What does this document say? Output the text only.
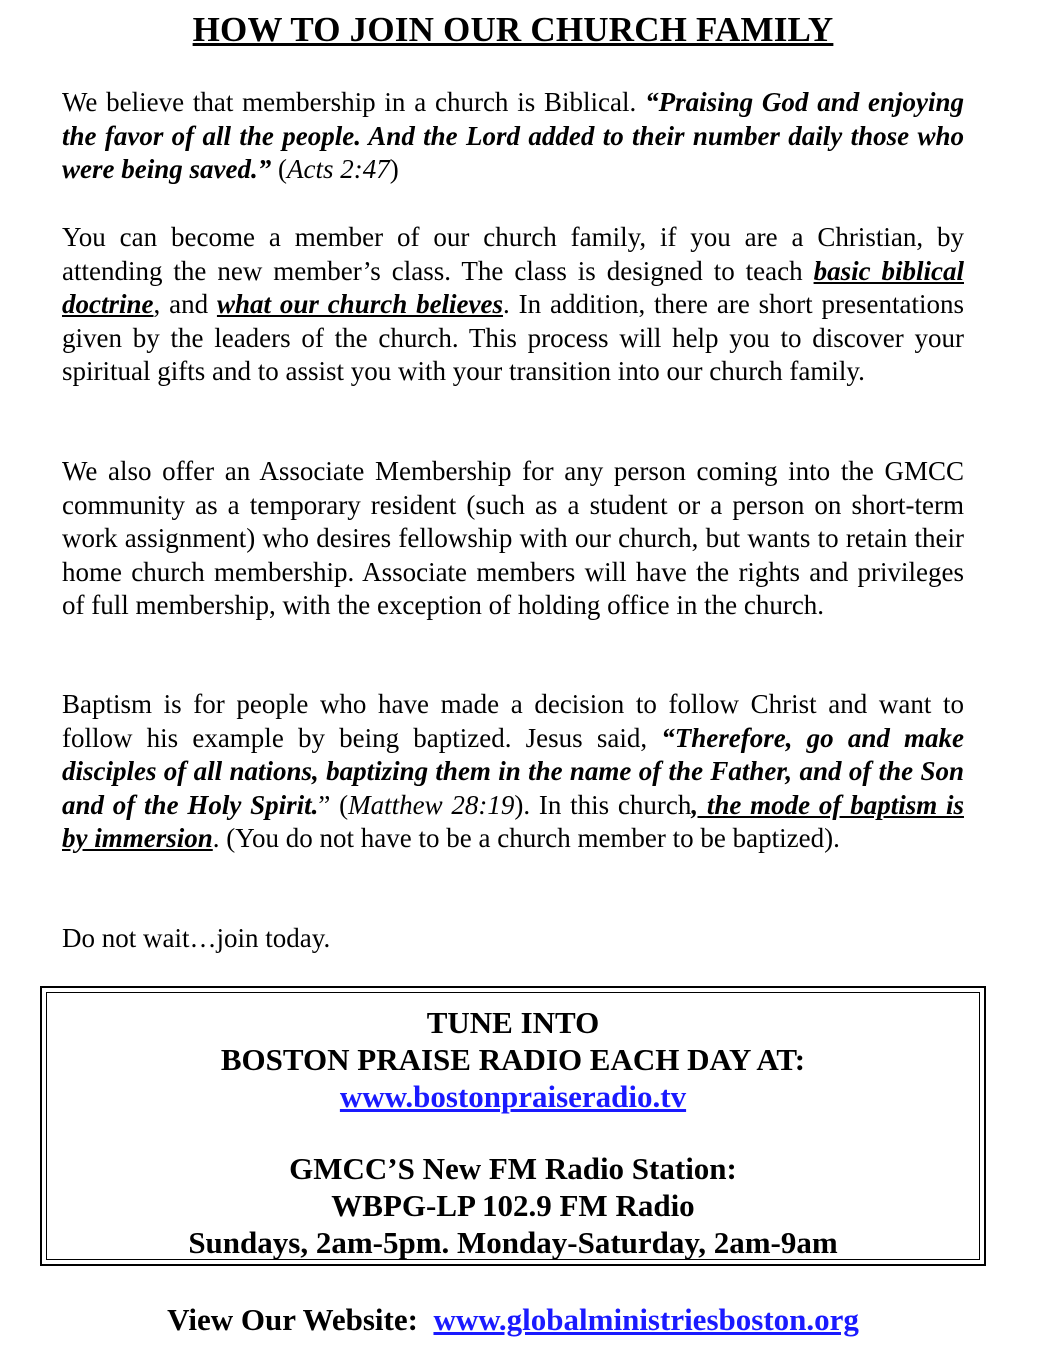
HOW TO JOIN OUR CHURCH FAMILY
We believe that membership in a church is Biblical. “Praising God and enjoying the favor of all the people. And the Lord added to their number daily those who were being saved.” (Acts 2:47)
You can become a member of our church family, if you are a Christian, by attending the new member’s class. The class is designed to teach basic biblical doctrine, and what our church believes. In addition, there are short presentations given by the leaders of the church. This process will help you to discover your spiritual gifts and to assist you with your transition into our church family.
We also offer an Associate Membership for any person coming into the GMCC community as a temporary resident (such as a student or a person on short-term work assignment) who desires fellowship with our church, but wants to retain their home church membership. Associate members will have the rights and privileges of full membership, with the exception of holding office in the church.
Baptism is for people who have made a decision to follow Christ and want to follow his example by being baptized. Jesus said, “Therefore, go and make disciples of all nations, baptizing them in the name of the Father, and of the Son and of the Holy Spirit.” (Matthew 28:19). In this church, the mode of baptism is by immersion. (You do not have to be a church member to be baptized).
Do not wait…join today.
TUNE INTO
BOSTON PRAISE RADIO EACH DAY AT:
www.bostonpraiseradio.tv
GMCC’S New FM Radio Station:
WBPG-LP 102.9 FM Radio
Sundays, 2am-5pm. Monday-Saturday, 2am-9am
View Our Website: www.globalministriesboston.org
